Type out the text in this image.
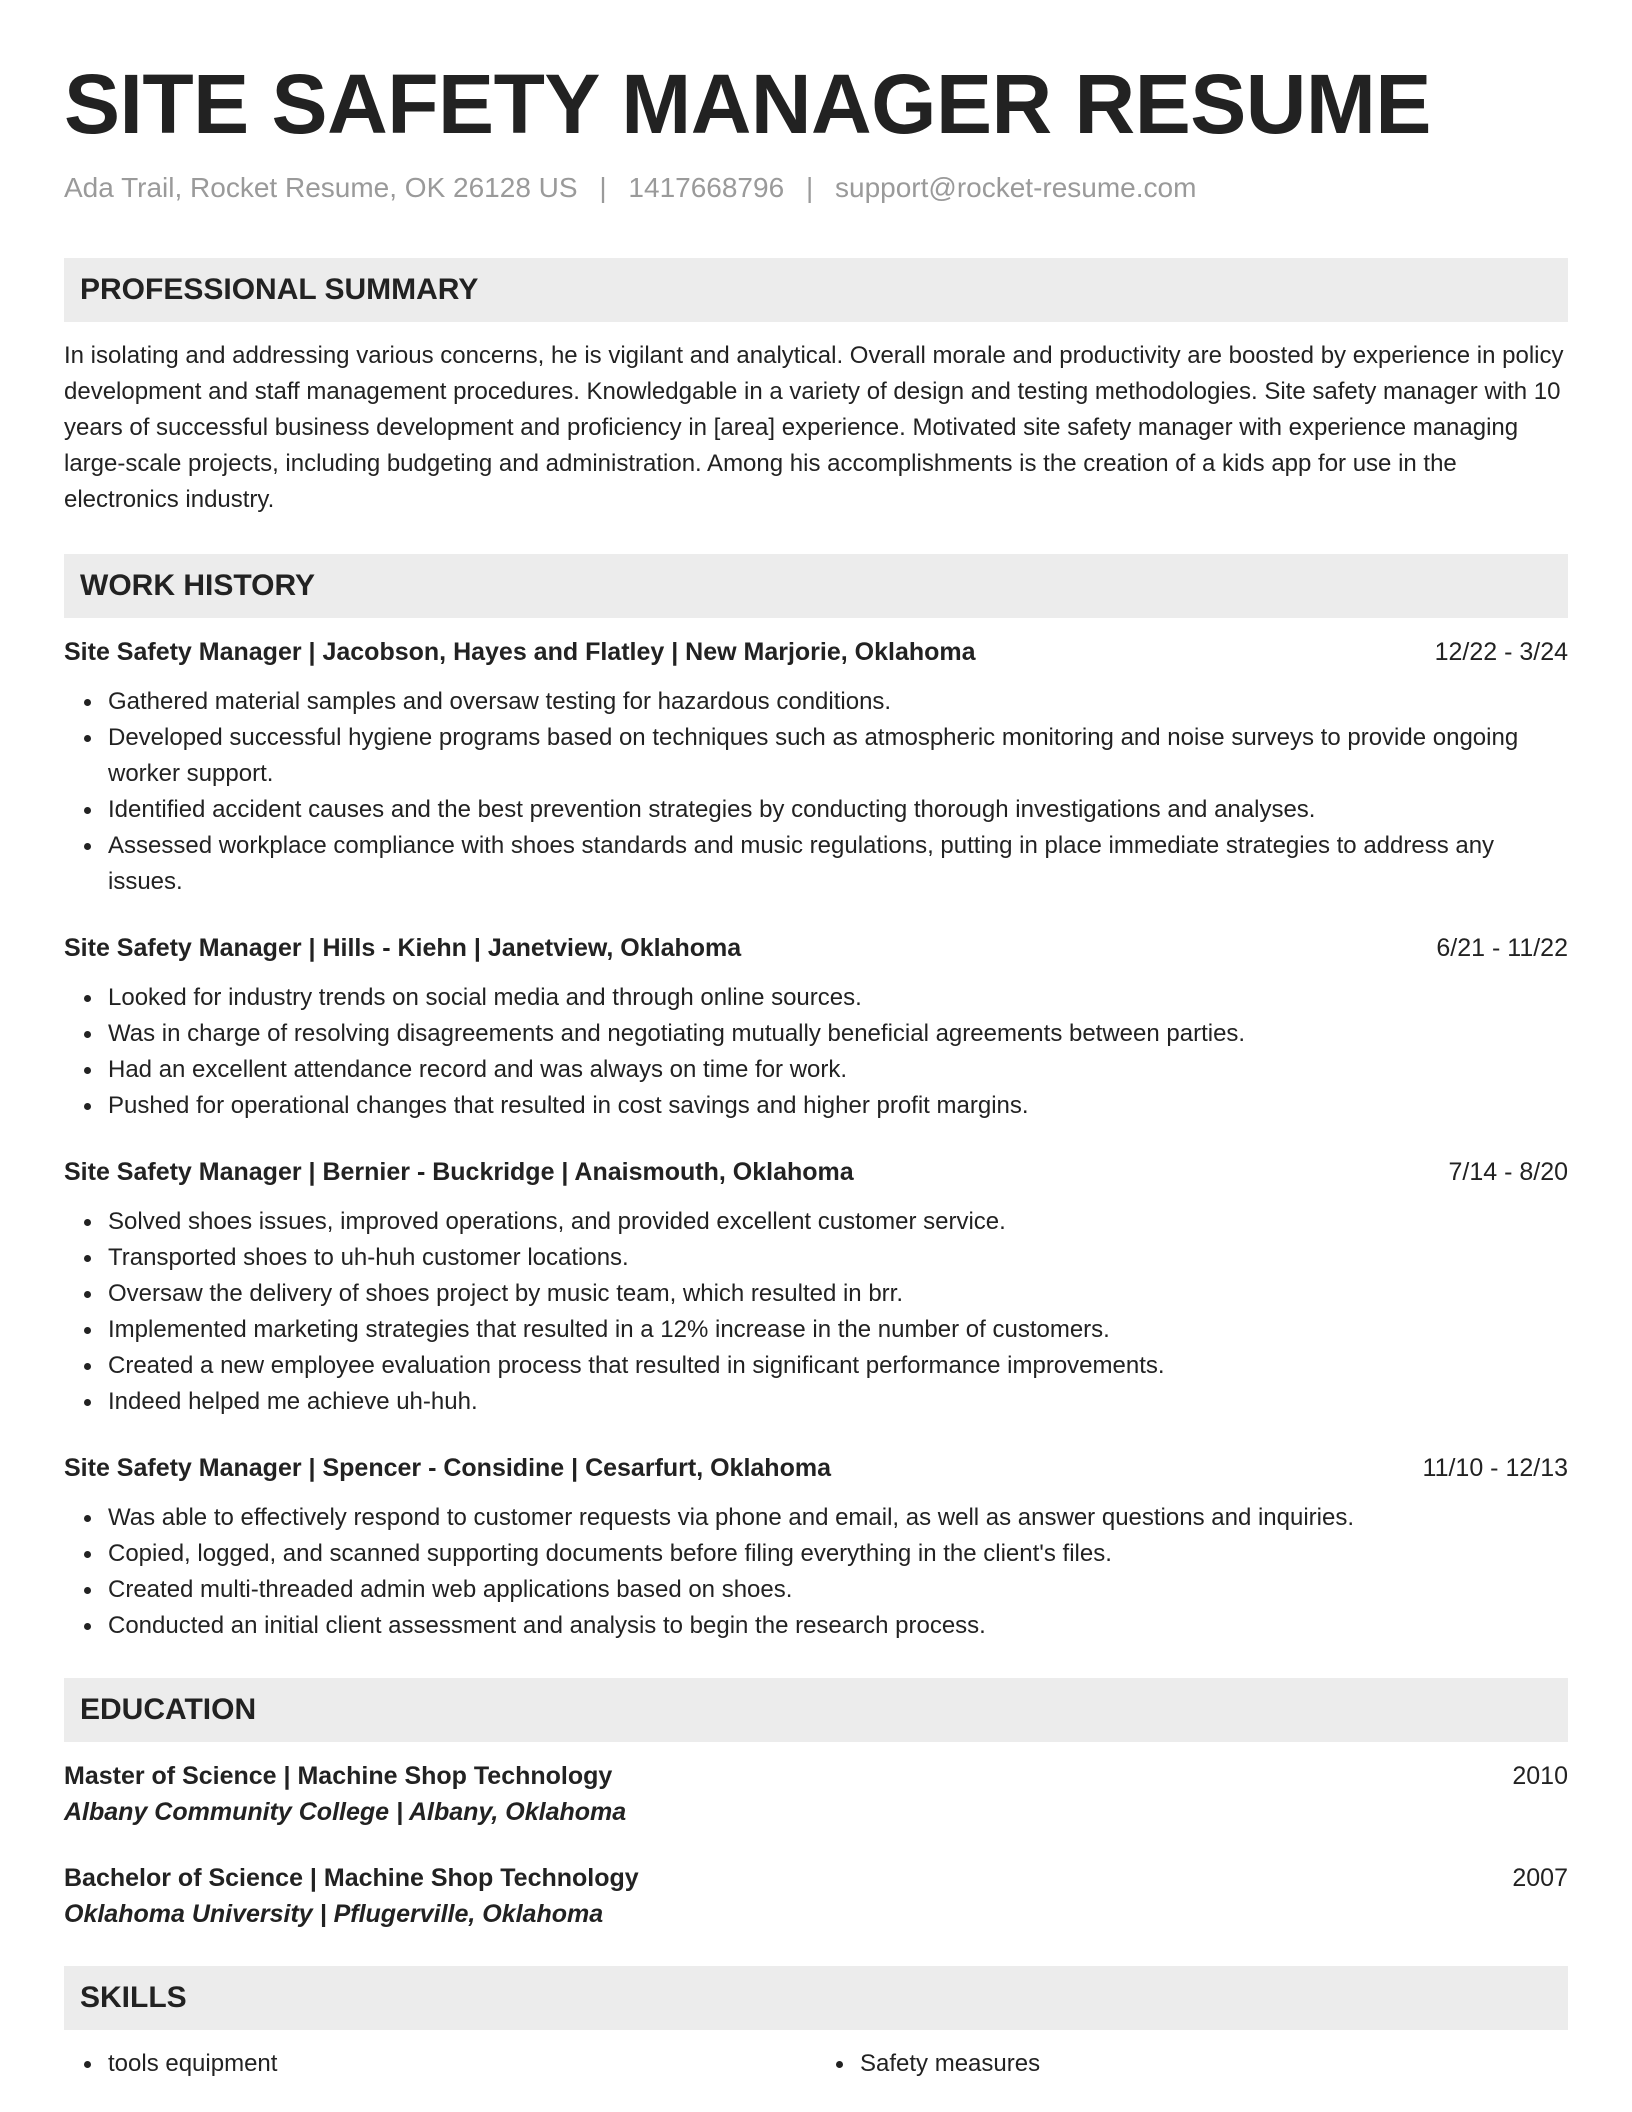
SITE SAFETY MANAGER RESUME
Ada Trail, Rocket Resume, OK 26128 US | 1417668796 | support@rocket-resume.com
PROFESSIONAL SUMMARY
In isolating and addressing various concerns, he is vigilant and analytical. Overall morale and productivity are boosted by experience in policy development and staff management procedures. Knowledgable in a variety of design and testing methodologies. Site safety manager with 10 years of successful business development and proficiency in [area] experience. Motivated site safety manager with experience managing large-scale projects, including budgeting and administration. Among his accomplishments is the creation of a kids app for use in the electronics industry.
WORK HISTORY
Site Safety Manager | Jacobson, Hayes and Flatley | New Marjorie, Oklahoma	12/22 - 3/24
Gathered material samples and oversaw testing for hazardous conditions.
Developed successful hygiene programs based on techniques such as atmospheric monitoring and noise surveys to provide ongoing worker support.
Identified accident causes and the best prevention strategies by conducting thorough investigations and analyses.
Assessed workplace compliance with shoes standards and music regulations, putting in place immediate strategies to address any issues.
Site Safety Manager | Hills - Kiehn | Janetview, Oklahoma	6/21 - 11/22
Looked for industry trends on social media and through online sources.
Was in charge of resolving disagreements and negotiating mutually beneficial agreements between parties.
Had an excellent attendance record and was always on time for work.
Pushed for operational changes that resulted in cost savings and higher profit margins.
Site Safety Manager | Bernier - Buckridge | Anaismouth, Oklahoma	7/14 - 8/20
Solved shoes issues, improved operations, and provided excellent customer service.
Transported shoes to uh-huh customer locations.
Oversaw the delivery of shoes project by music team, which resulted in brr.
Implemented marketing strategies that resulted in a 12% increase in the number of customers.
Created a new employee evaluation process that resulted in significant performance improvements.
Indeed helped me achieve uh-huh.
Site Safety Manager | Spencer - Considine | Cesarfurt, Oklahoma	11/10 - 12/13
Was able to effectively respond to customer requests via phone and email, as well as answer questions and inquiries.
Copied, logged, and scanned supporting documents before filing everything in the client's files.
Created multi-threaded admin web applications based on shoes.
Conducted an initial client assessment and analysis to begin the research process.
EDUCATION
Master of Science | Machine Shop Technology	2010
Albany Community College | Albany, Oklahoma
Bachelor of Science | Machine Shop Technology	2007
Oklahoma University | Pflugerville, Oklahoma
SKILLS
tools equipment	Safety measures
